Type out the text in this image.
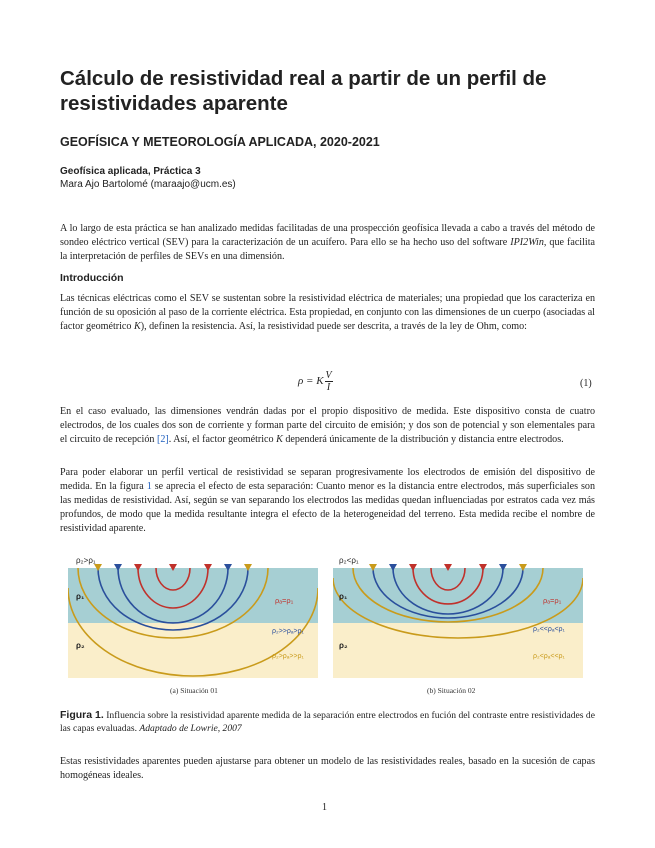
Cálculo de resistividad real a partir de un perfil de resistividades aparente
GEOFÍSICA Y METEOROLOGÍA APLICADA, 2020-2021
Geofísica aplicada, Práctica 3
Mara Ajo Bartolomé (maraajo@ucm.es)

A lo largo de esta práctica se han analizado medidas facilitadas de una prospección geofísica llevada a cabo a través del método de sondeo eléctrico vertical (SEV) para la caracterización de un acuífero. Para ello se ha hecho uso del software IPI2Win, que facilita la interpretación de perfiles de SEVs en una dimensión.

Introducción

Las técnicas eléctricas como el SEV se sustentan sobre la resistividad eléctrica de materiales; una propiedad que los caracteriza en función de su oposición al paso de la corriente eléctrica. Esta propiedad, en conjunto con las dimensiones de un cuerpo (asociadas al factor geométrico K), definen la resistencia. Así, la resistividad puede ser descrita, a través de la ley de Ohm, como:

ρ = K $\frac{V}{I}$	(1)

En el caso evaluado, las dimensiones vendrán dadas por el propio dispositivo de medida. Este dispositivo consta de cuatro electrodos, de los cuales dos son de corriente y forman parte del circuito de emisión; y dos son de potencial y son elementales para el circuito de recepción [2]. Así, el factor geométrico K dependerá únicamente de la distribución y distancia entre electrodos.

Para poder elaborar un perfil vertical de resistividad se separan progresivamente los electrodos de emisión del dispositivo de medida. En la figura 1 se aprecia el efecto de esta separación: Cuanto menor es la distancia entre electrodos, más superficiales son las medidas de resistividad. Así, según se van separando los electrodos las medidas quedan influenciadas por estratos cada vez más profundos, de modo que la medida resultante integra el efecto de la heterogeneidad del terreno. Esta medida recibe el nombre de resistividad aparente.

ρ₂>ρ₁
ρ₁
ρ₂
ρₐ=ρ₁
ρ₂>>ρₐ>ρ₁
ρ₂>ρₐ>>ρ₁
(a) Situación 01
ρ₂<ρ₁
ρ₁
ρ₂
ρₐ=ρ₁
ρ₂<<ρₐ<ρ₁
ρ₂<ρₐ<<ρ₁
(b) Situación 02

Figura 1. Influencia sobre la resistividad aparente medida de la separación entre electrodos en fución del contraste entre resistividades de las capas evaluadas. Adaptado de Lowrie, 2007

Estas resistividades aparentes pueden ajustarse para obtener un modelo de las resistividades reales, basado en la sucesión de capas homogéneas ideales.

1
